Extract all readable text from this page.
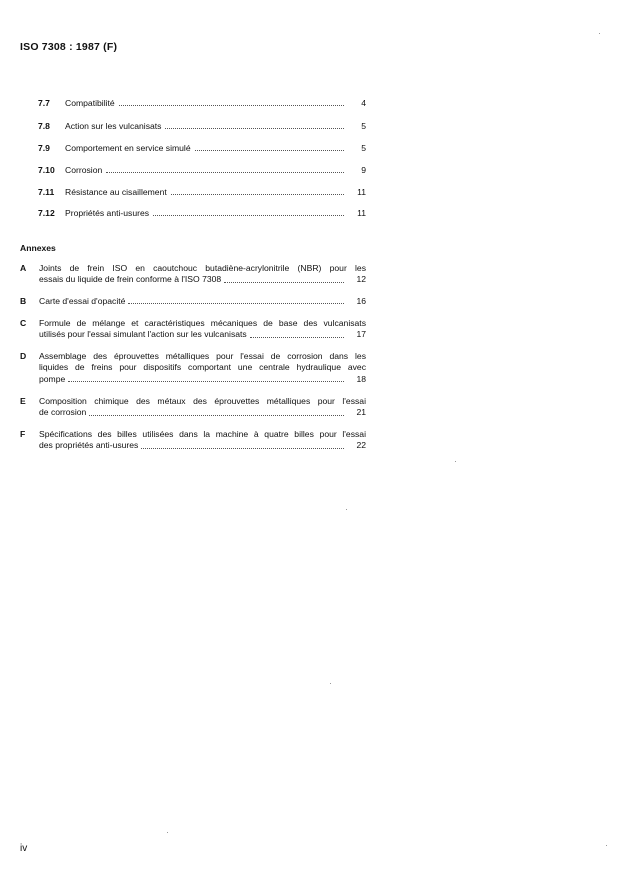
ISO 7308 : 1987 (F)
7.7	Compatibilité	4
7.8	Action sur les vulcanisats	5
7.9	Comportement en service simulé	5
7.10	Corrosion	9
7.11	Résistance au cisaillement	11
7.12	Propriétés anti-usures	11
Annexes
A Joints de frein ISO en caoutchouc butadiène-acrylonitrile (NBR) pour les
essais du liquide de frein conforme à l'ISO 7308	12
B Carte d'essai d'opacité	16
C Formule de mélange et caractéristiques mécaniques de base des vulcanisats
utilisés pour l'essai simulant l'action sur les vulcanisats	17
D Assemblage des éprouvettes métalliques pour l'essai de corrosion dans les
liquides de freins pour dispositifs comportant une centrale hydraulique avec
pompe	18
E Composition chimique des métaux des éprouvettes métalliques pour l'essai
de corrosion	21
F Spécifications des billes utilisées dans la machine à quatre billes pour l'essai
des propriétés anti-usures	22
iv
